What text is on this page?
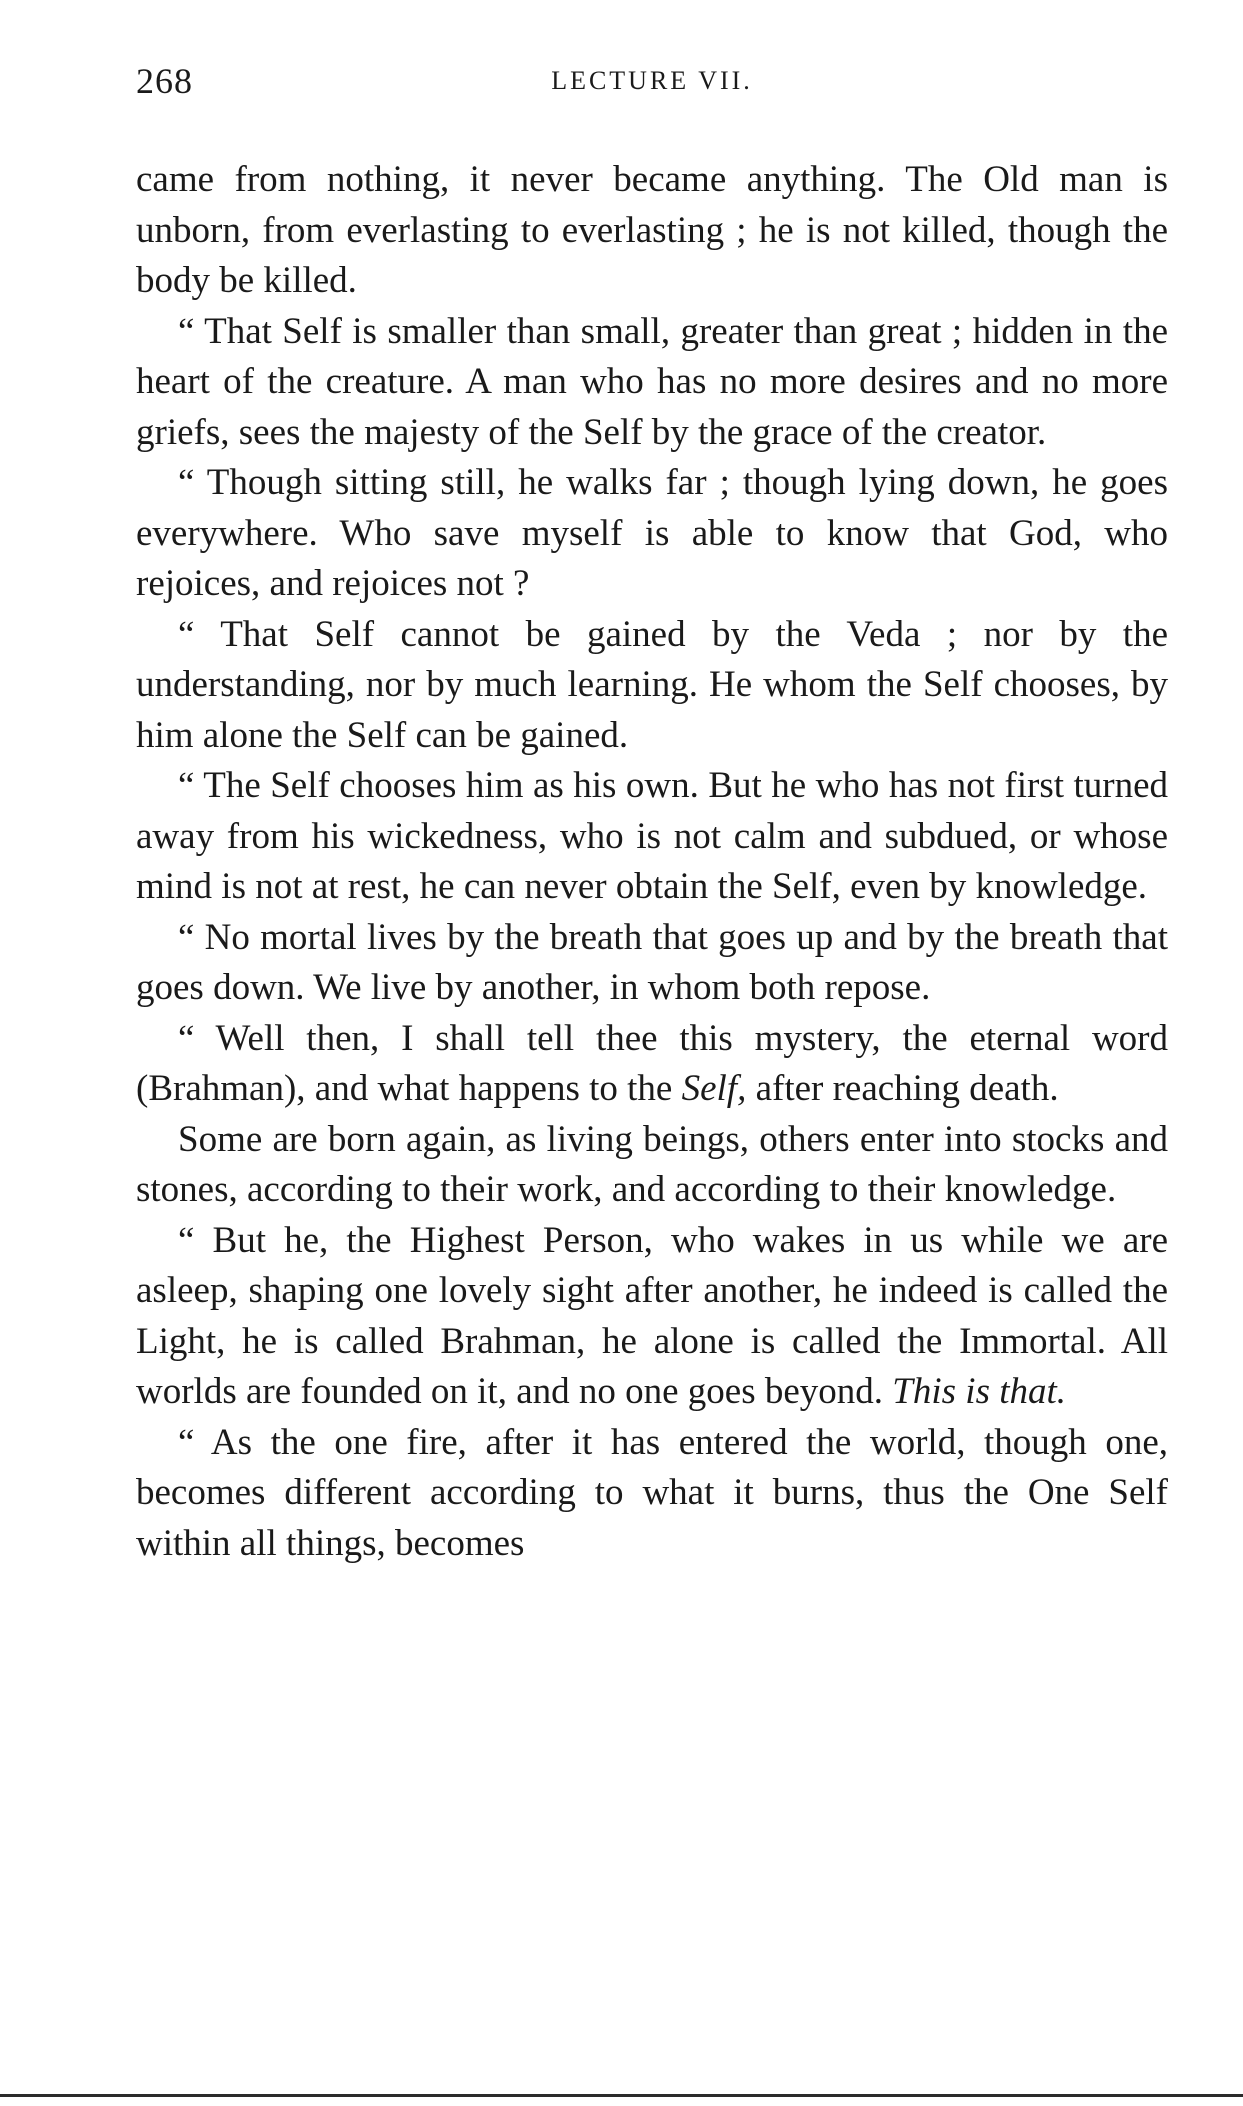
268	LECTURE VII.

came from nothing, it never became anything. The Old man is unborn, from everlasting to everlasting ; he is not killed, though the body be killed.

“ That Self is smaller than small, greater than great ; hidden in the heart of the creature. A man who has no more desires and no more griefs, sees the majesty of the Self by the grace of the creator.

“ Though sitting still, he walks far ; though lying down, he goes everywhere. Who save myself is able to know that God, who rejoices, and rejoices not ?

“ That Self cannot be gained by the Veda ; nor by the understanding, nor by much learning. He whom the Self chooses, by him alone the Self can be gained.

“ The Self chooses him as his own. But he who has not first turned away from his wickedness, who is not calm and subdued, or whose mind is not at rest, he can never obtain the Self, even by knowledge.

“ No mortal lives by the breath that goes up and by the breath that goes down. We live by another, in whom both repose.

“ Well then, I shall tell thee this mystery, the eternal word (Brahman), and what happens to the Self, after reaching death.

Some are born again, as living beings, others enter into stocks and stones, according to their work, and according to their knowledge.

“ But he, the Highest Person, who wakes in us while we are asleep, shaping one lovely sight after another, he indeed is called the Light, he is called Brahman, he alone is called the Immortal. All worlds are founded on it, and no one goes beyond. This is that.

“ As the one fire, after it has entered the world, though one, becomes different according to what it burns, thus the One Self within all things, becomes
